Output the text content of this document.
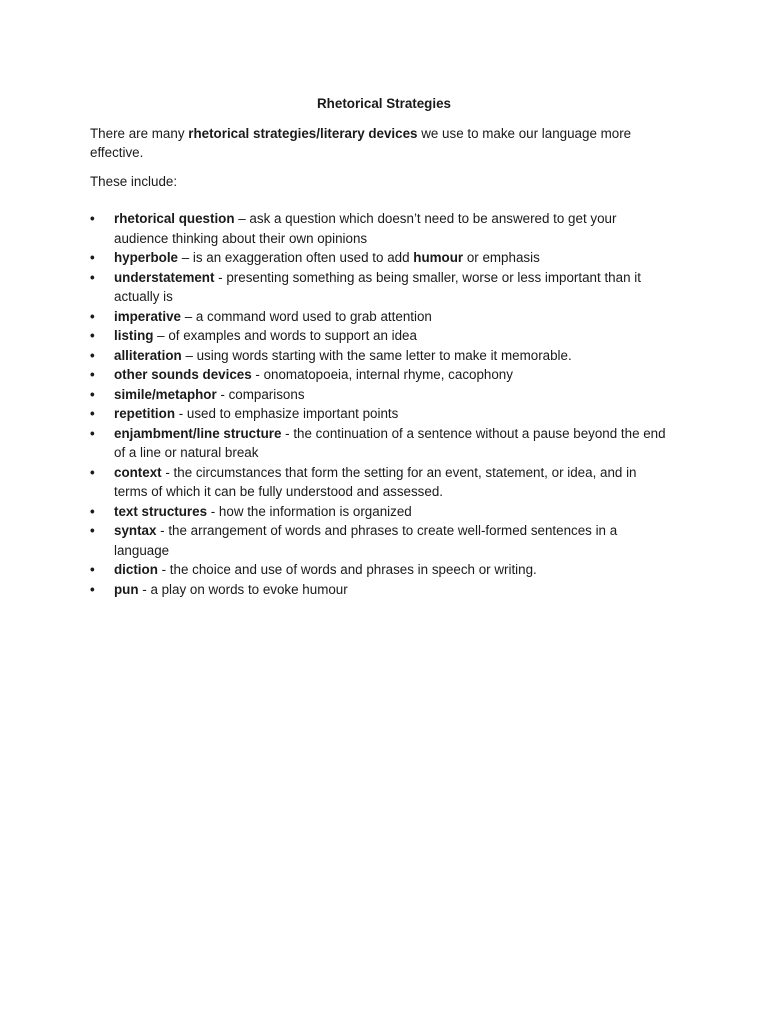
Rhetorical Strategies

There are many rhetorical strategies/literary devices we use to make our language more effective.

These include:

• rhetorical question – ask a question which doesn’t need to be answered to get your audience thinking about their own opinions
• hyperbole – is an exaggeration often used to add humour or emphasis
• understatement - presenting something as being smaller, worse or less important than it actually is
• imperative – a command word used to grab attention
• listing – of examples and words to support an idea
• alliteration – using words starting with the same letter to make it memorable.
• other sounds devices - onomatopoeia, internal rhyme, cacophony
• simile/metaphor - comparisons
• repetition - used to emphasize important points
• enjambment/line structure - the continuation of a sentence without a pause beyond the end of a line or natural break
• context - the circumstances that form the setting for an event, statement, or idea, and in terms of which it can be fully understood and assessed.
• text structures - how the information is organized
• syntax - the arrangement of words and phrases to create well-formed sentences in a language
• diction - the choice and use of words and phrases in speech or writing.
• pun - a play on words to evoke humour
